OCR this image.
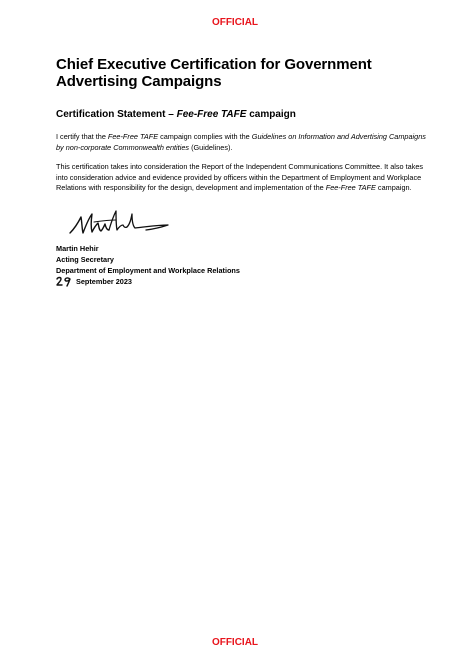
OFFICIAL
Chief Executive Certification for Government Advertising Campaigns
Certification Statement – Fee-Free TAFE campaign

I certify that the Fee-Free TAFE campaign complies with the Guidelines on Information and Advertising Campaigns by non-corporate Commonwealth entities (Guidelines).

This certification takes into consideration the Report of the Independent Communications Committee. It also takes into consideration advice and evidence provided by officers within the Department of Employment and Workplace Relations with responsibility for the design, development and implementation of the Fee-Free TAFE campaign.

Martin Hehir
Acting Secretary
Department of Employment and Workplace Relations
September 2023
OFFICIAL
